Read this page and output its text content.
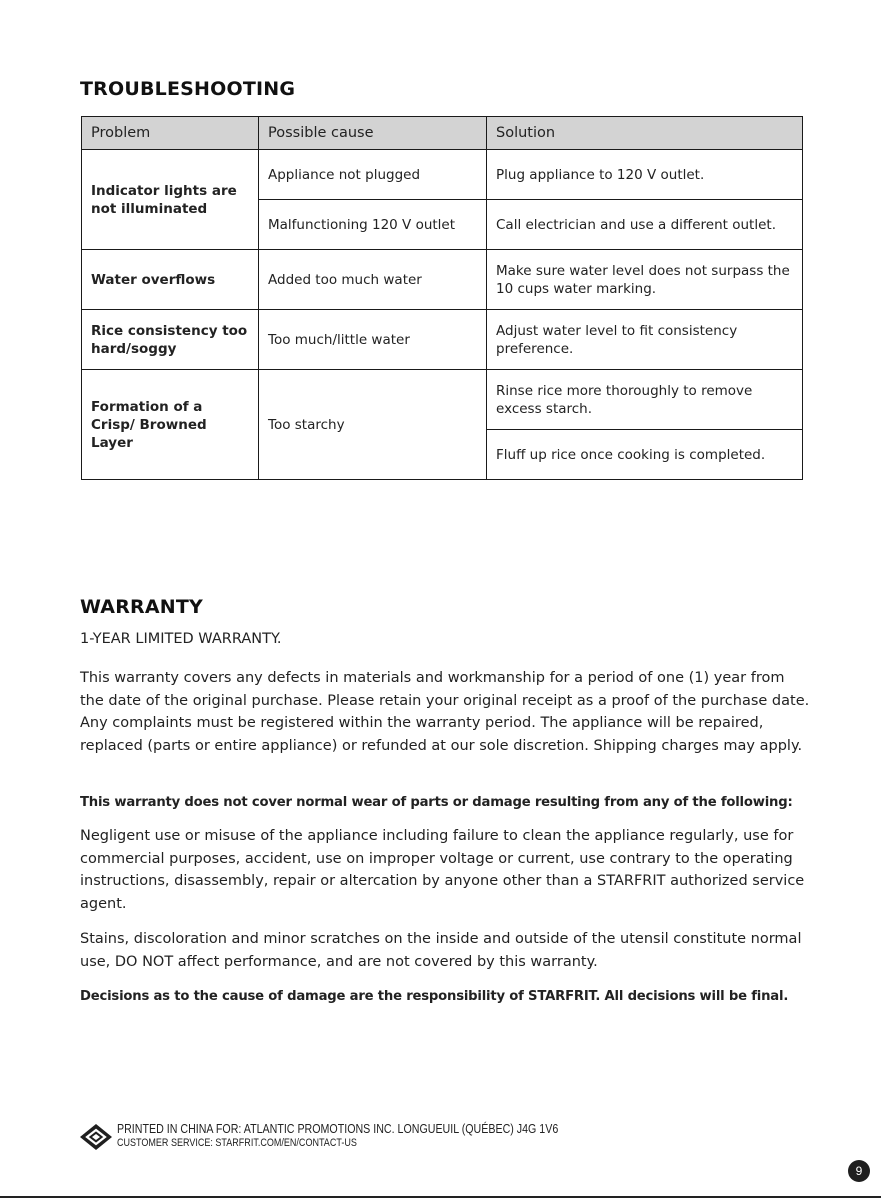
TROUBLESHOOTING
Problem	Possible cause	Solution
Indicator lights are not illuminated	Appliance not plugged	Plug appliance to 120 V outlet.
	Malfunctioning 120 V outlet	Call electrician and use a different outlet.
Water overflows	Added too much water	Make sure water level does not surpass the 10 cups water marking.
Rice consistency too hard/soggy	Too much/little water	Adjust water level to fit consistency preference.
Formation of a Crisp/ Browned Layer	Too starchy	Rinse rice more thoroughly to remove excess starch.
		Fluff up rice once cooking is completed.
WARRANTY
1-YEAR LIMITED WARRANTY.
This warranty covers any defects in materials and workmanship for a period of one (1) year from the date of the original purchase. Please retain your original receipt as a proof of the purchase date. Any complaints must be registered within the warranty period. The appliance will be repaired, replaced (parts or entire appliance) or refunded at our sole discretion. Shipping charges may apply.
This warranty does not cover normal wear of parts or damage resulting from any of the following:
Negligent use or misuse of the appliance including failure to clean the appliance regularly, use for commercial purposes, accident, use on improper voltage or current, use contrary to the operating instructions, disassembly, repair or altercation by anyone other than a STARFRIT authorized service agent.
Stains, discoloration and minor scratches on the inside and outside of the utensil constitute normal use, DO NOT affect performance, and are not covered by this warranty.
Decisions as to the cause of damage are the responsibility of STARFRIT. All decisions will be final.
PRINTED IN CHINA FOR: ATLANTIC PROMOTIONS INC. LONGUEUIL (QUÉBEC) J4G 1V6
CUSTOMER SERVICE: STARFRIT.COM/EN/CONTACT-US
9
